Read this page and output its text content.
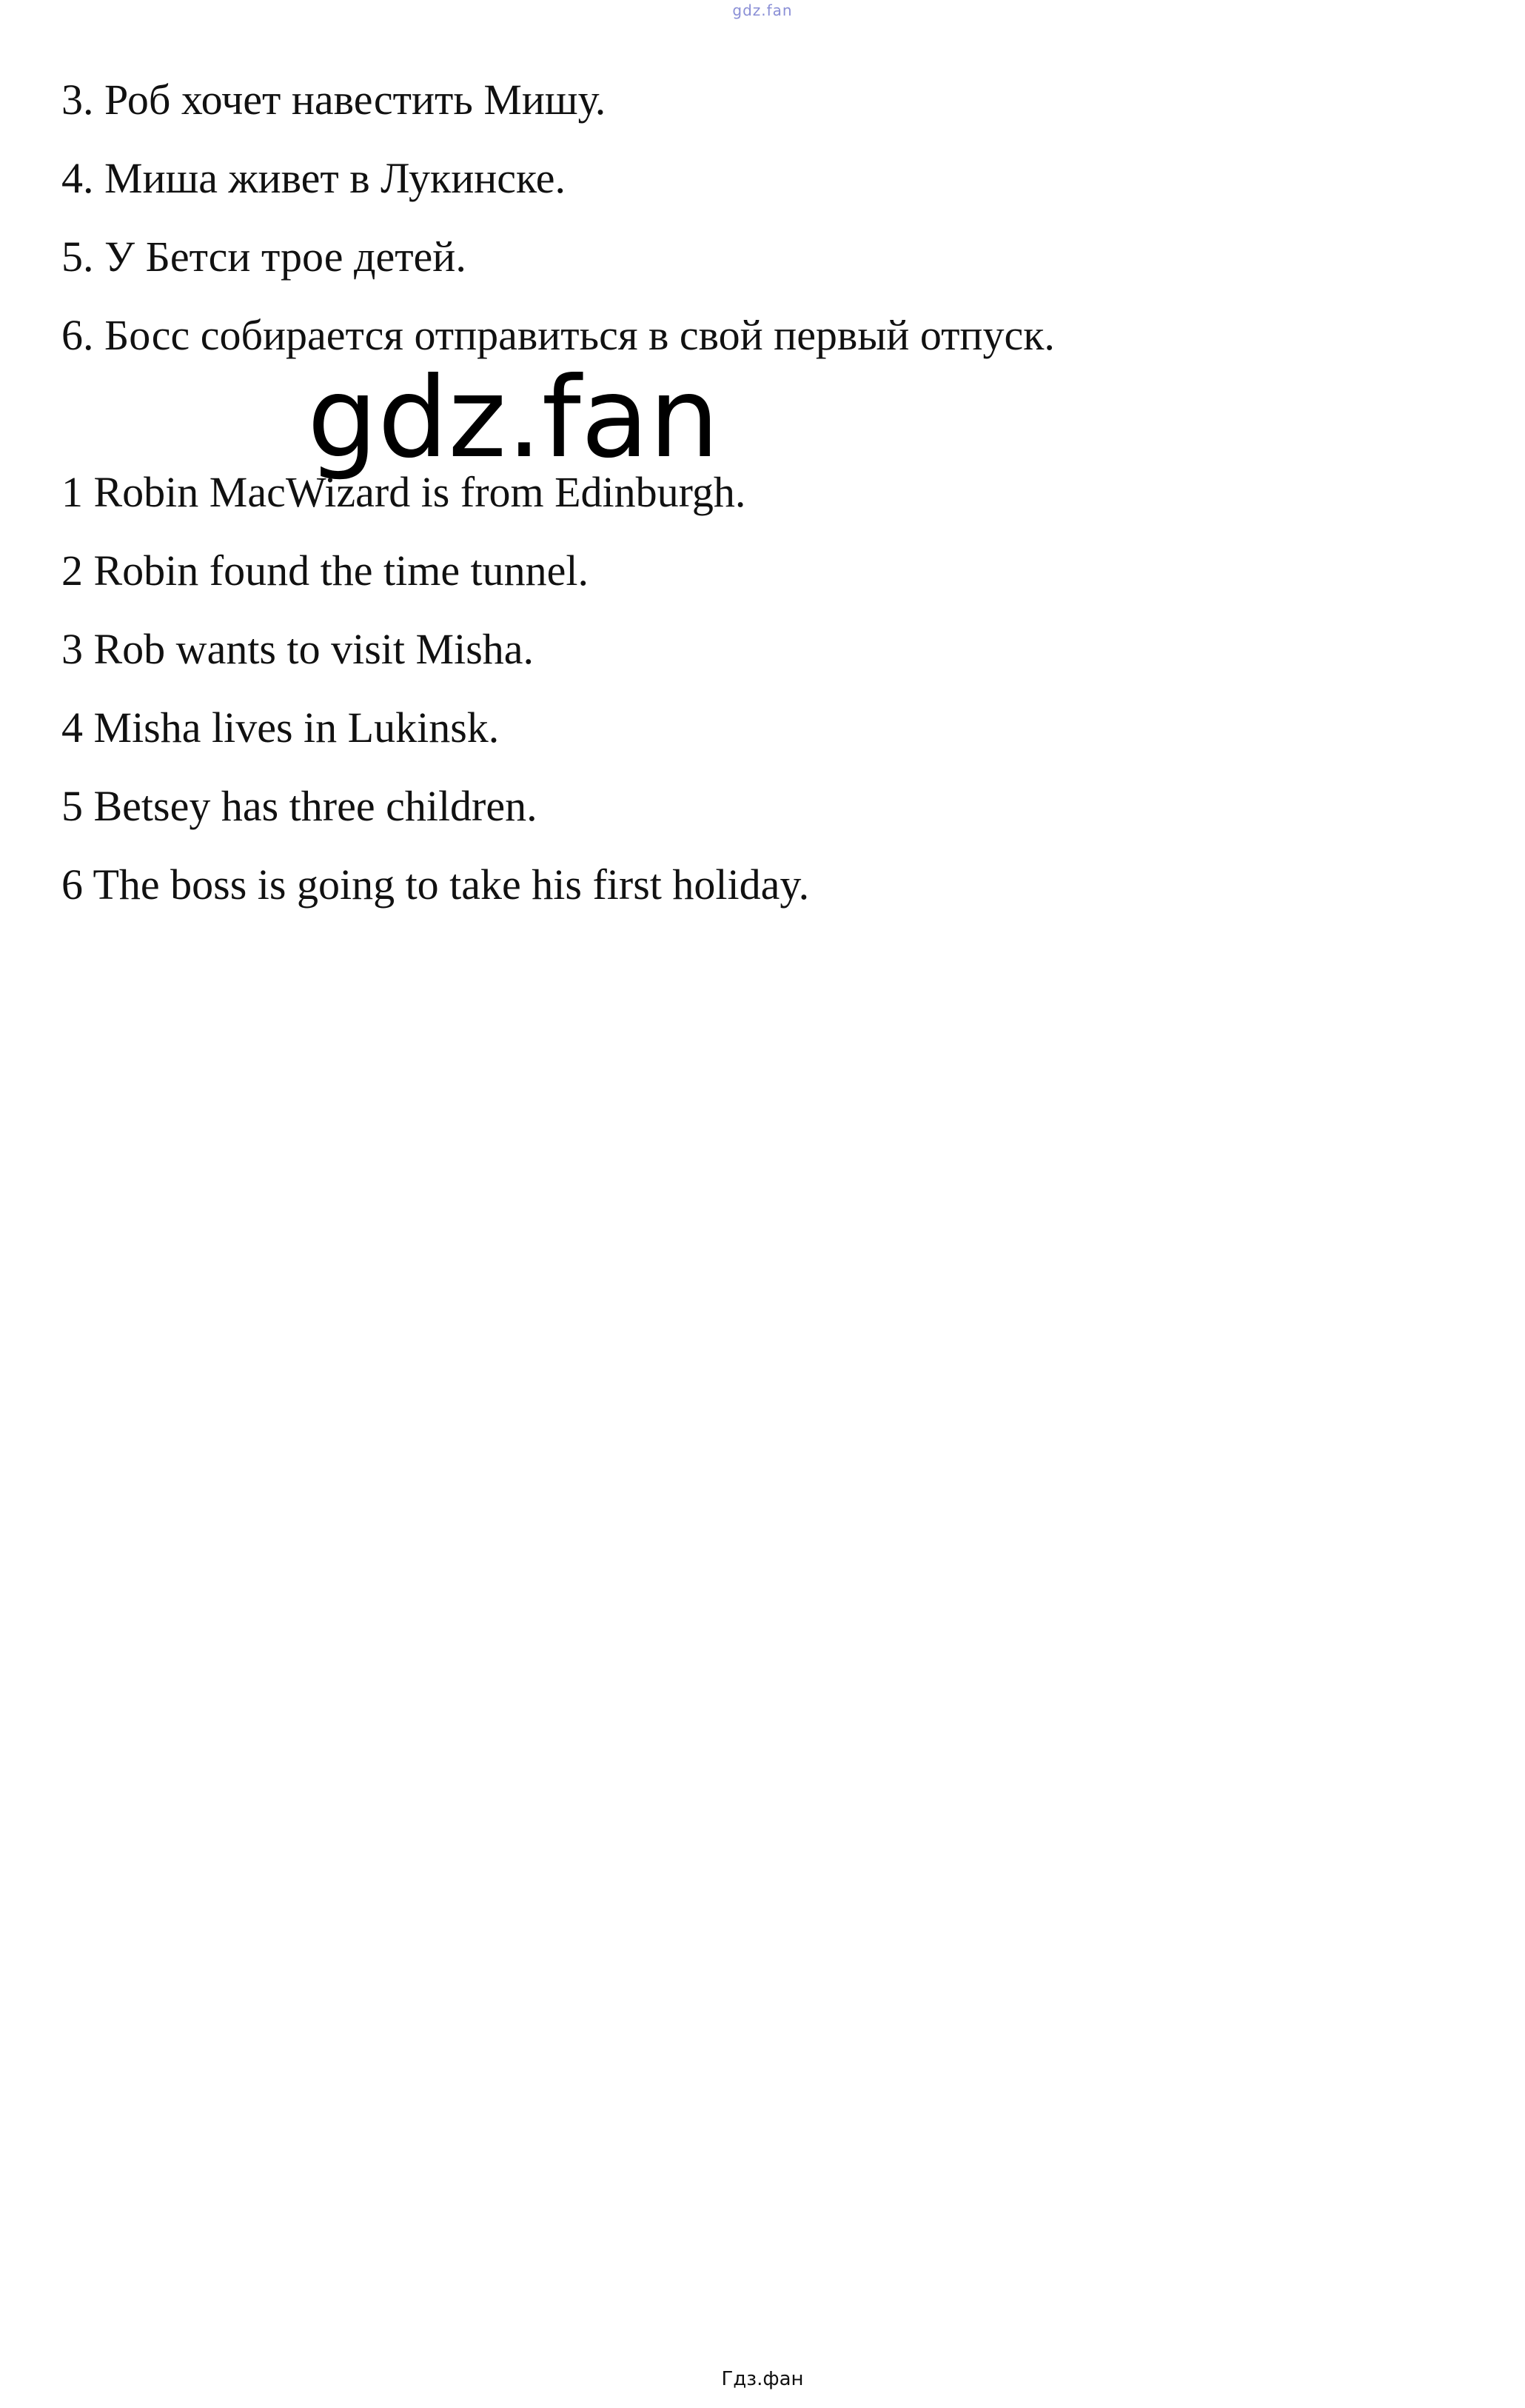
gdz.fan
3. Роб хочет навестить Мишу.
4. Миша живет в Лукинске.
5. У Бетси трое детей.
6. Босс собирается отправиться в свой первый отпуск.
gdz.fan
1 Robin MacWizard is from Edinburgh.
2 Robin found the time tunnel.
3 Rob wants to visit Misha.
4 Misha lives in Lukinsk.
5 Betsey has three children.
6 The boss is going to take his first holiday.
Гдз.фан
